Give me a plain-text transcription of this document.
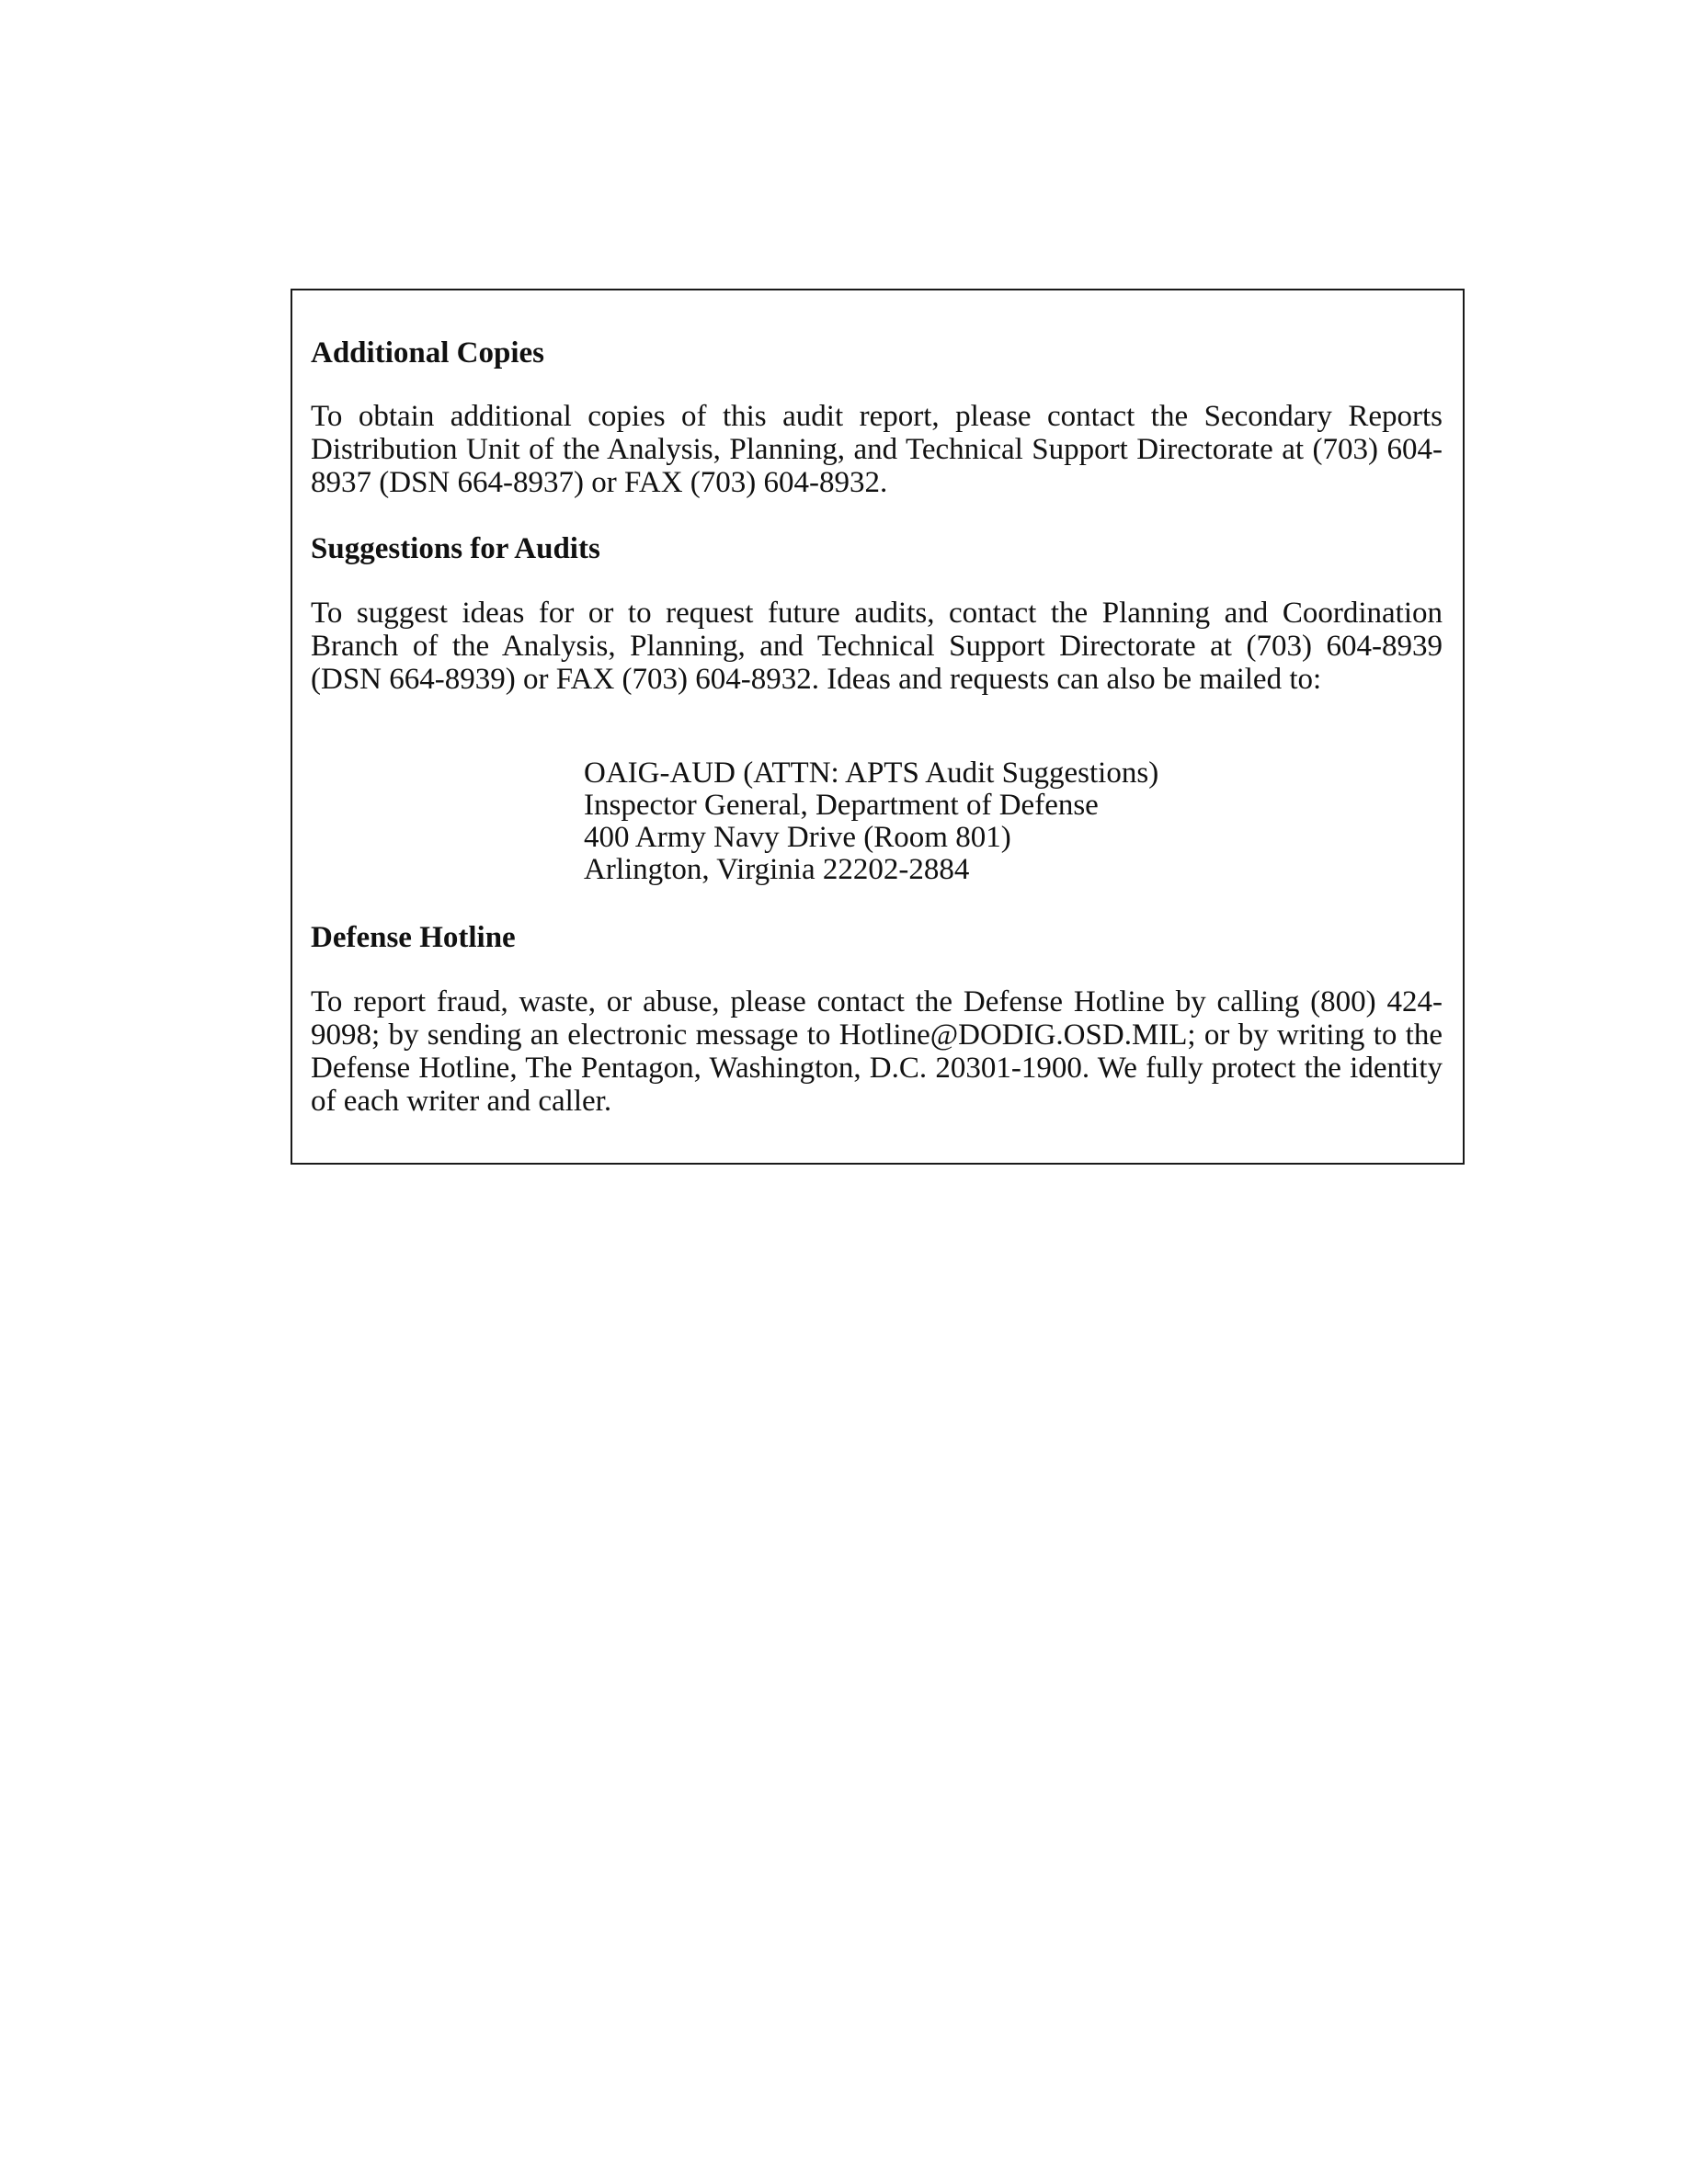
Additional Copies

To obtain additional copies of this audit report, please contact the Secondary Reports Distribution Unit of the Analysis, Planning, and Technical Support Directorate at (703) 604-8937 (DSN 664-8937) or FAX (703) 604-8932.

Suggestions for Audits

To suggest ideas for or to request future audits, contact the Planning and Coordination Branch of the Analysis, Planning, and Technical Support Directorate at (703) 604-8939 (DSN 664-8939) or FAX (703) 604-8932. Ideas and requests can also be mailed to:

OAIG-AUD (ATTN: APTS Audit Suggestions)
Inspector General, Department of Defense
400 Army Navy Drive (Room 801)
Arlington, Virginia 22202-2884
Defense Hotline

To report fraud, waste, or abuse, please contact the Defense Hotline by calling (800) 424-9098; by sending an electronic message to Hotline@DODIG.OSD.MIL; or by writing to the Defense Hotline, The Pentagon, Washington, D.C. 20301-1900. We fully protect the identity of each writer and caller.
